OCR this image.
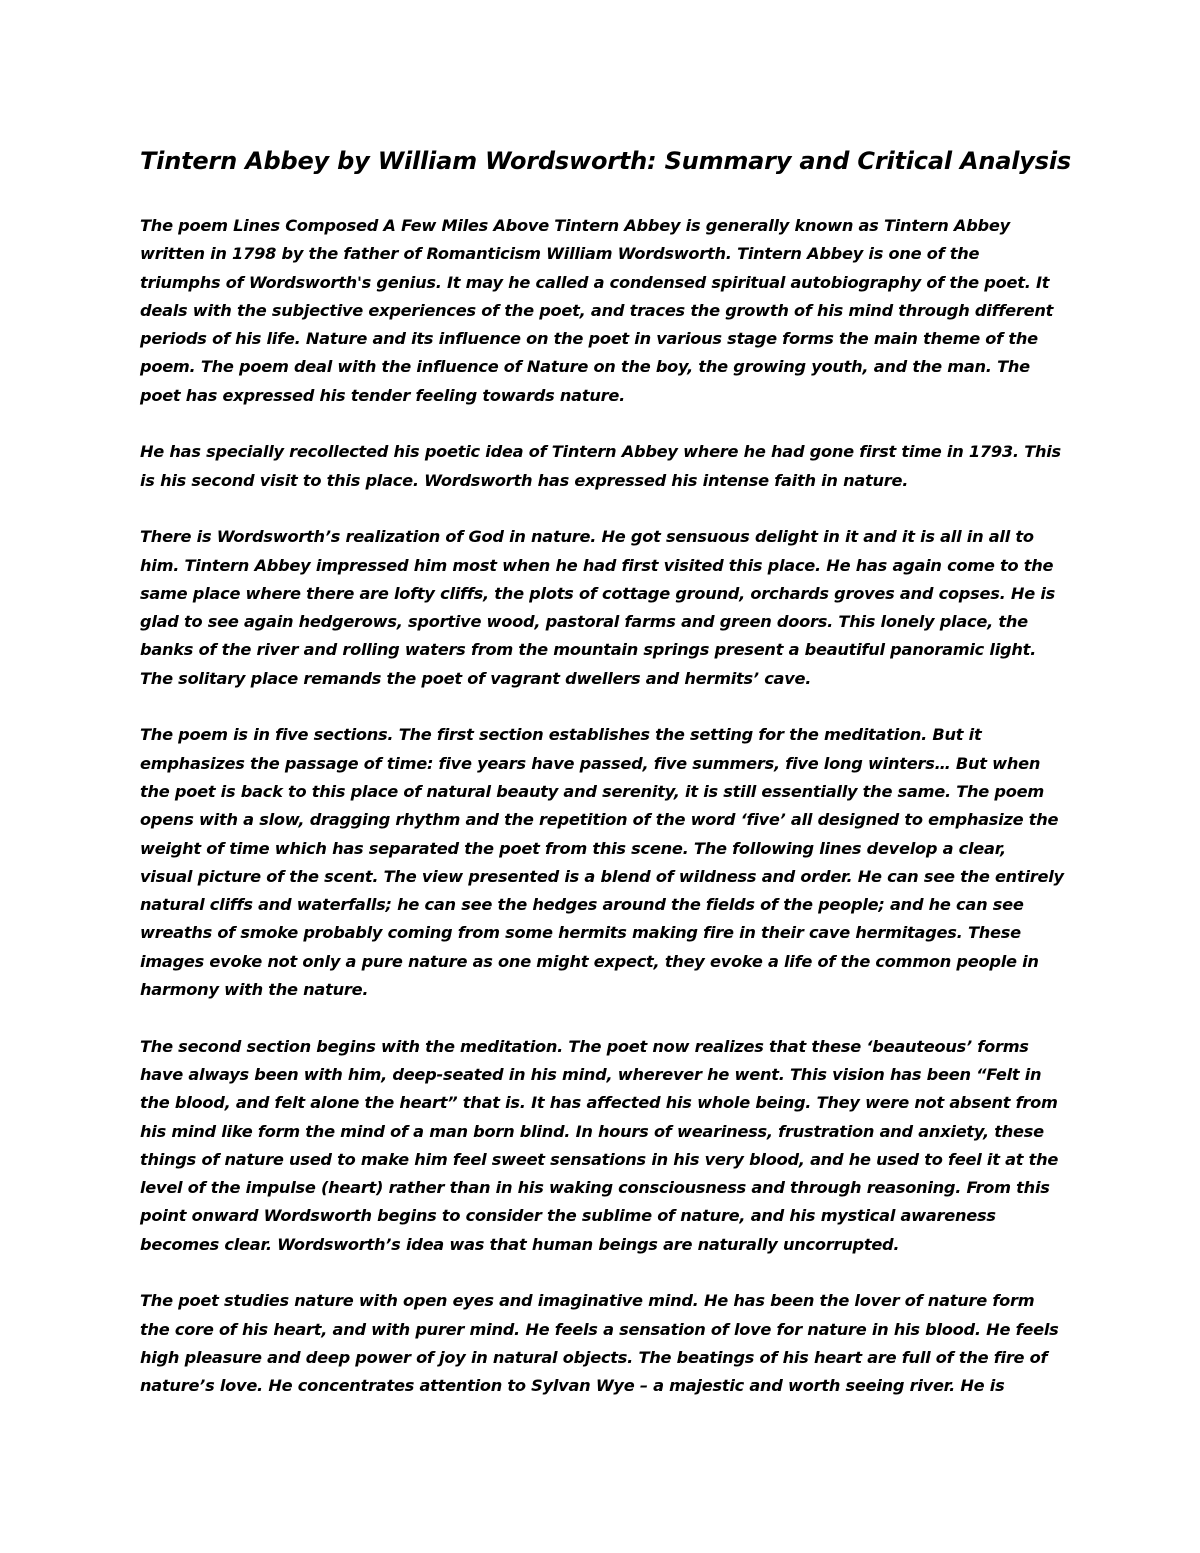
Tintern Abbey by William Wordsworth: Summary and Critical Analysis
The poem Lines Composed A Few Miles Above Tintern Abbey is generally known as Tintern Abbey
written in 1798 by the father of Romanticism William Wordsworth. Tintern Abbey is one of the
triumphs of Wordsworth's genius. It may he called a condensed spiritual autobiography of the poet. It
deals with the subjective experiences of the poet, and traces the growth of his mind through different
periods of his life. Nature and its influence on the poet in various stage forms the main theme of the
poem. The poem deal with the influence of Nature on the boy, the growing youth, and the man. The
poet has expressed his tender feeling towards nature.
He has specially recollected his poetic idea of Tintern Abbey where he had gone first time in 1793. This
is his second visit to this place. Wordsworth has expressed his intense faith in nature.
There is Wordsworth’s realization of God in nature. He got sensuous delight in it and it is all in all to
him. Tintern Abbey impressed him most when he had first visited this place. He has again come to the
same place where there are lofty cliffs, the plots of cottage ground, orchards groves and copses. He is
glad to see again hedgerows, sportive wood, pastoral farms and green doors. This lonely place, the
banks of the river and rolling waters from the mountain springs present a beautiful panoramic light.
The solitary place remands the poet of vagrant dwellers and hermits’ cave.
The poem is in five sections. The first section establishes the setting for the meditation. But it
emphasizes the passage of time: five years have passed, five summers, five long winters… But when
the poet is back to this place of natural beauty and serenity, it is still essentially the same. The poem
opens with a slow, dragging rhythm and the repetition of the word ‘five’ all designed to emphasize the
weight of time which has separated the poet from this scene. The following lines develop a clear,
visual picture of the scent. The view presented is a blend of wildness and order. He can see the entirely
natural cliffs and waterfalls; he can see the hedges around the fields of the people; and he can see
wreaths of smoke probably coming from some hermits making fire in their cave hermitages. These
images evoke not only a pure nature as one might expect, they evoke a life of the common people in
harmony with the nature.
The second section begins with the meditation. The poet now realizes that these ‘beauteous’ forms
have always been with him, deep-seated in his mind, wherever he went. This vision has been “Felt in
the blood, and felt alone the heart” that is. It has affected his whole being. They were not absent from
his mind like form the mind of a man born blind. In hours of weariness, frustration and anxiety, these
things of nature used to make him feel sweet sensations in his very blood, and he used to feel it at the
level of the impulse (heart) rather than in his waking consciousness and through reasoning. From this
point onward Wordsworth begins to consider the sublime of nature, and his mystical awareness
becomes clear. Wordsworth’s idea was that human beings are naturally uncorrupted.
The poet studies nature with open eyes and imaginative mind. He has been the lover of nature form
the core of his heart, and with purer mind. He feels a sensation of love for nature in his blood. He feels
high pleasure and deep power of joy in natural objects. The beatings of his heart are full of the fire of
nature’s love. He concentrates attention to Sylvan Wye – a majestic and worth seeing river. He is
